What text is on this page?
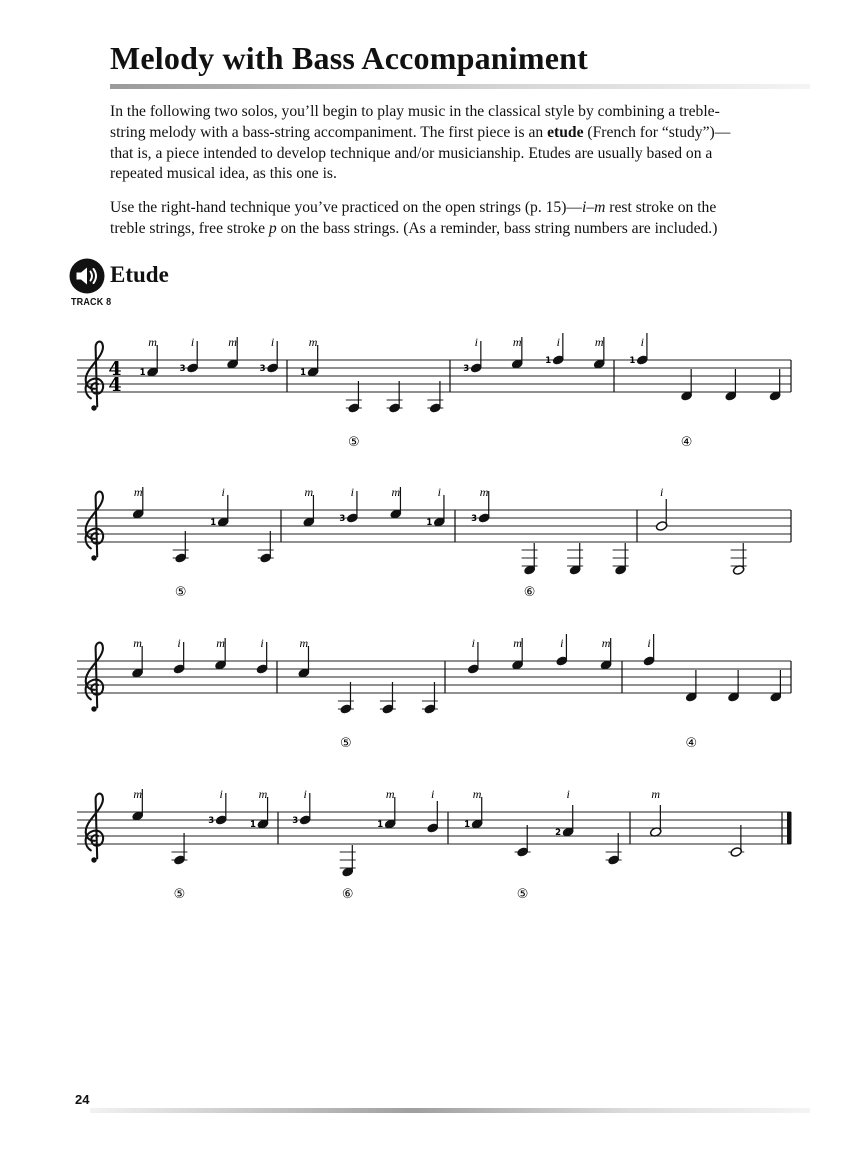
Melody with Bass Accompaniment

In the following two solos, you’ll begin to play music in the classical style by combining a treble-string melody with a bass-string accompaniment. The first piece is an etude (French for “study”)—that is, a piece intended to develop technique and/or musicianship. Etudes are usually based on a repeated musical idea, as this one is.

Use the right-hand technique you’ve practiced on the open strings (p. 15)—i–m rest stroke on the treble strings, free stroke p on the bass strings. (As a reminder, bass string numbers are included.)

Etude
TRACK 8
4
4
1
m
3
i	m
3
i
1
m
⑤
3
i	m
1
i	m
1
i
④
m
⑤
1
i	m
3
i	m
1
i
3
m
⑥
i
m	i	m	i	m
⑤
i	m	i	m	i
④
m
⑤
3
i
1
m
3
i
⑥
1
m	i
1
m
⑤
2
i	m
24
